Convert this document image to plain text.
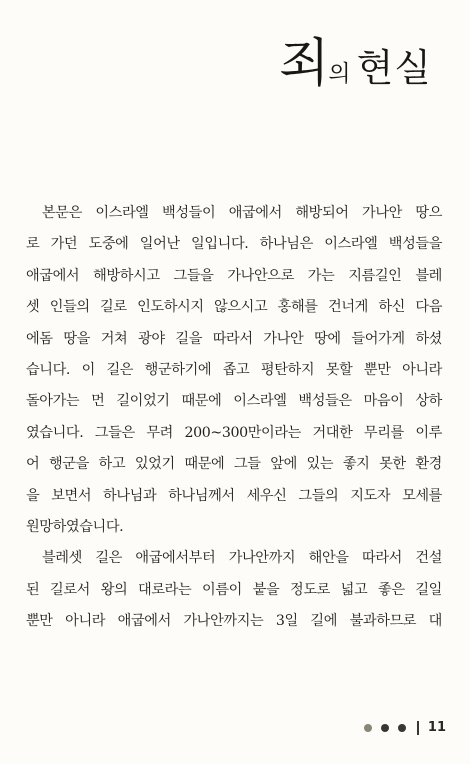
죄의 현실
본문은 이스라엘 백성들이 애굽에서 해방되어 가나안 땅으
로 가던 도중에 일어난 일입니다. 하나님은 이스라엘 백성들을
애굽에서 해방하시고 그들을 가나안으로 가는 지름길인 블레
셋 인들의 길로 인도하시지 않으시고 홍해를 건너게 하신 다음
에돔 땅을 거쳐 광야 길을 따라서 가나안 땅에 들어가게 하셨
습니다. 이 길은 행군하기에 좁고 평탄하지 못할 뿐만 아니라
돌아가는 먼 길이었기 때문에 이스라엘 백성들은 마음이 상하
였습니다. 그들은 무려 200~300만이라는 거대한 무리를 이루
어 행군을 하고 있었기 때문에 그들 앞에 있는 좋지 못한 환경
을 보면서 하나님과 하나님께서 세우신 그들의 지도자 모세를
원망하였습니다.
블레셋 길은 애굽에서부터 가나안까지 해안을 따라서 건설
된 길로서 왕의 대로라는 이름이 붙을 정도로 넓고 좋은 길일
뿐만 아니라 애굽에서 가나안까지는 3일 길에 불과하므로 대
11
